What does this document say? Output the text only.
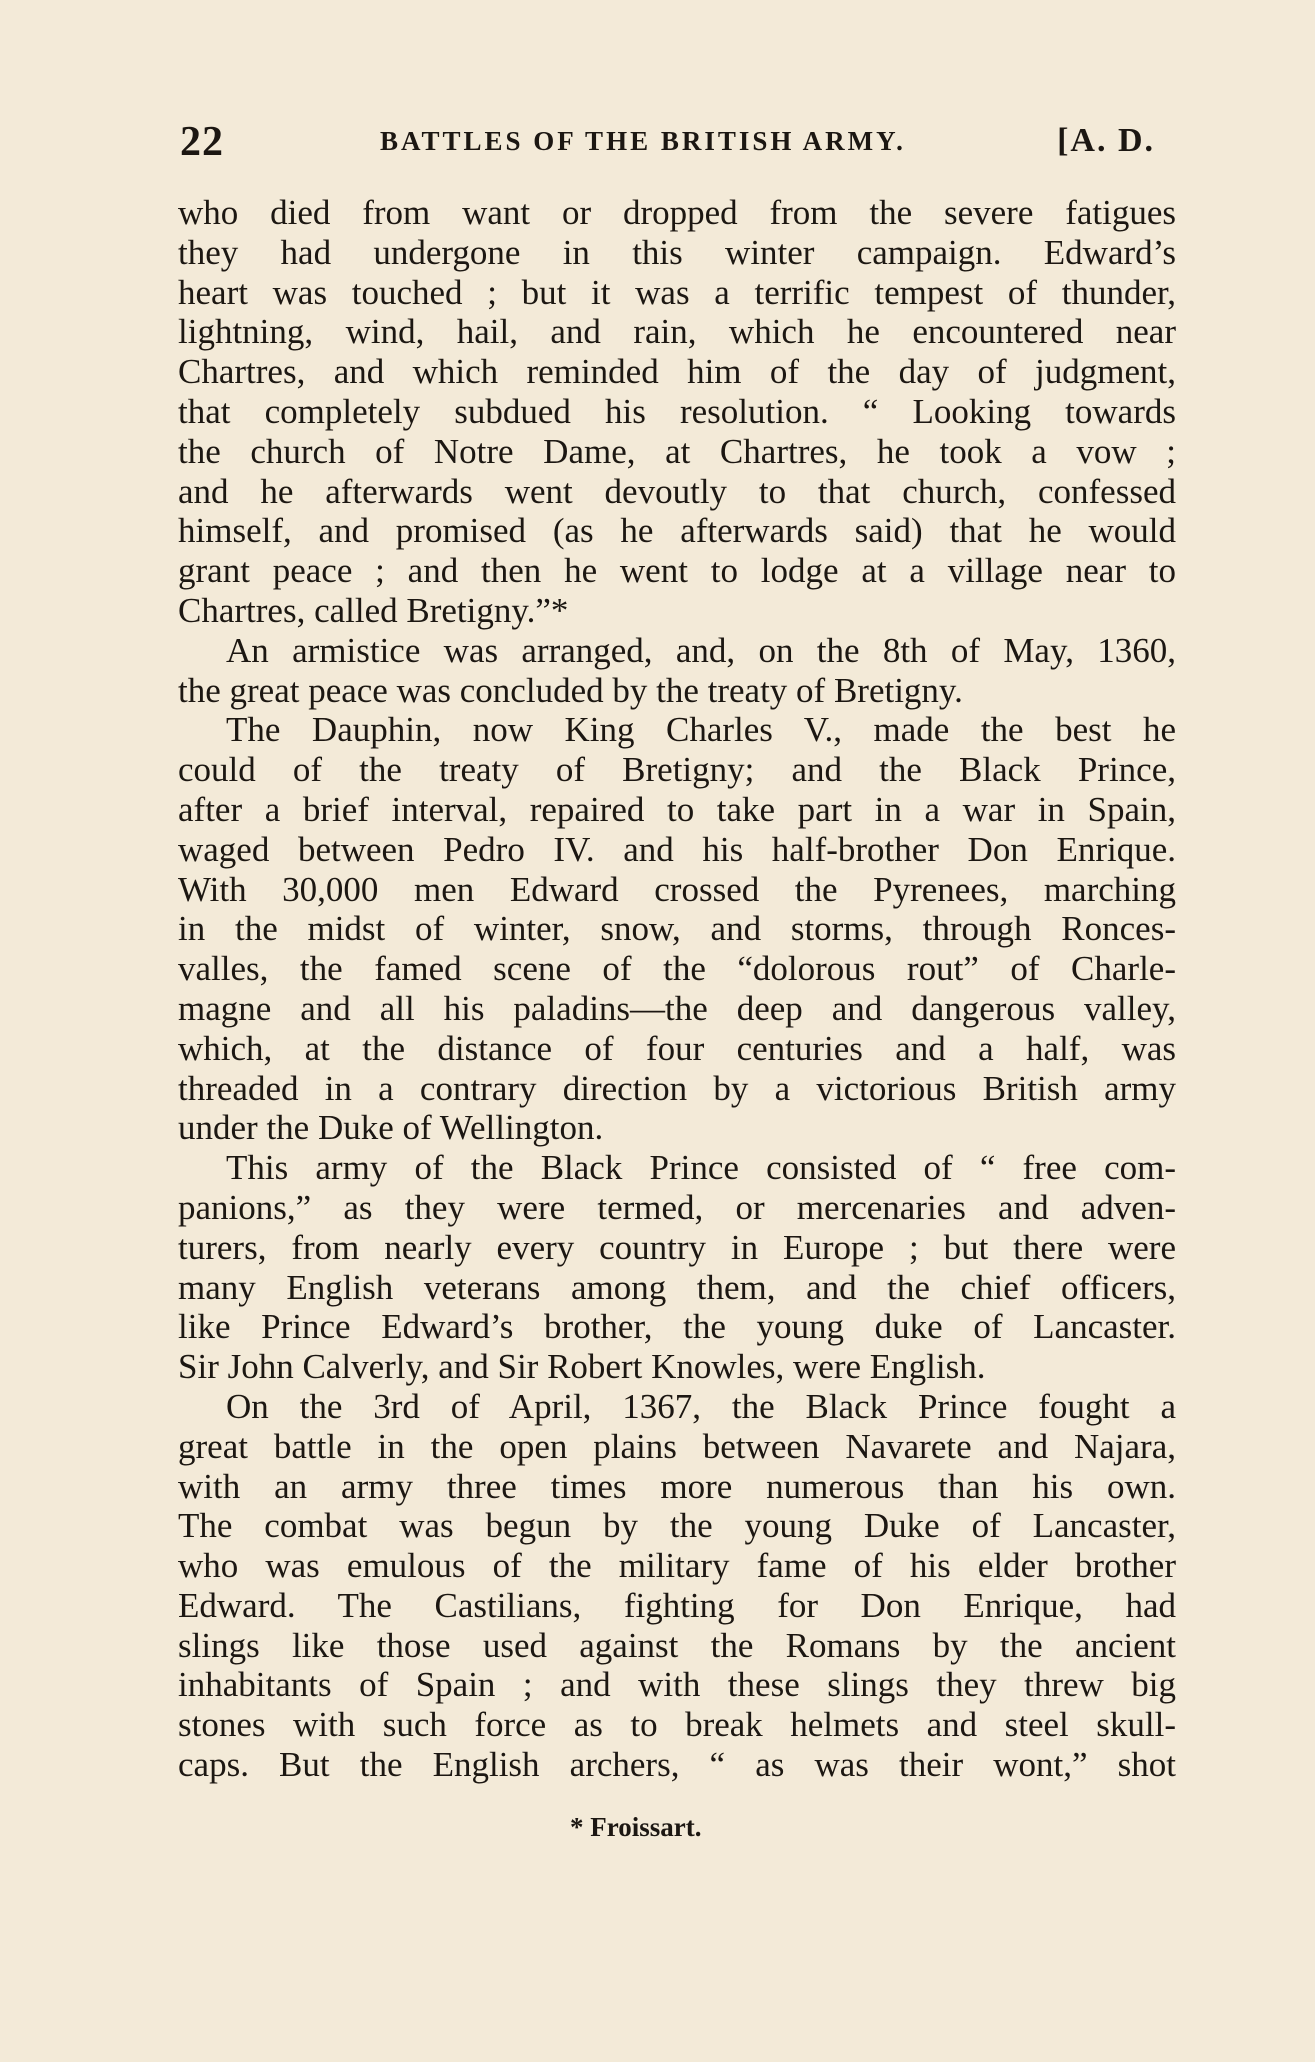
22	BATTLES OF THE BRITISH ARMY.	[A. D.
who died from want or dropped from the severe fatigues
they had undergone in this winter campaign. Edward’s
heart was touched ; but it was a terrific tempest of thunder,
lightning, wind, hail, and rain, which he encountered near
Chartres, and which reminded him of the day of judgment,
that completely subdued his resolution. “ Looking towards
the church of Notre Dame, at Chartres, he took a vow ;
and he afterwards went devoutly to that church, confessed
himself, and promised (as he afterwards said) that he would
grant peace ; and then he went to lodge at a village near to
Chartres, called Bretigny.”*
An armistice was arranged, and, on the 8th of May, 1360,
the great peace was concluded by the treaty of Bretigny.
The Dauphin, now King Charles V., made the best he
could of the treaty of Bretigny; and the Black Prince,
after a brief interval, repaired to take part in a war in Spain,
waged between Pedro IV. and his half-brother Don Enrique.
With 30,000 men Edward crossed the Pyrenees, marching
in the midst of winter, snow, and storms, through Ronces-
valles, the famed scene of the “dolorous rout” of Charle-
magne and all his paladins—the deep and dangerous valley,
which, at the distance of four centuries and a half, was
threaded in a contrary direction by a victorious British army
under the Duke of Wellington.
This army of the Black Prince consisted of “ free com-
panions,” as they were termed, or mercenaries and adven-
turers, from nearly every country in Europe ; but there were
many English veterans among them, and the chief officers,
like Prince Edward’s brother, the young duke of Lancaster.
Sir John Calverly, and Sir Robert Knowles, were English.
On the 3rd of April, 1367, the Black Prince fought a
great battle in the open plains between Navarete and Najara,
with an army three times more numerous than his own.
The combat was begun by the young Duke of Lancaster,
who was emulous of the military fame of his elder brother
Edward. The Castilians, fighting for Don Enrique, had
slings like those used against the Romans by the ancient
inhabitants of Spain ; and with these slings they threw big
stones with such force as to break helmets and steel skull-
caps. But the English archers, “ as was their wont,” shot
* Froissart.
